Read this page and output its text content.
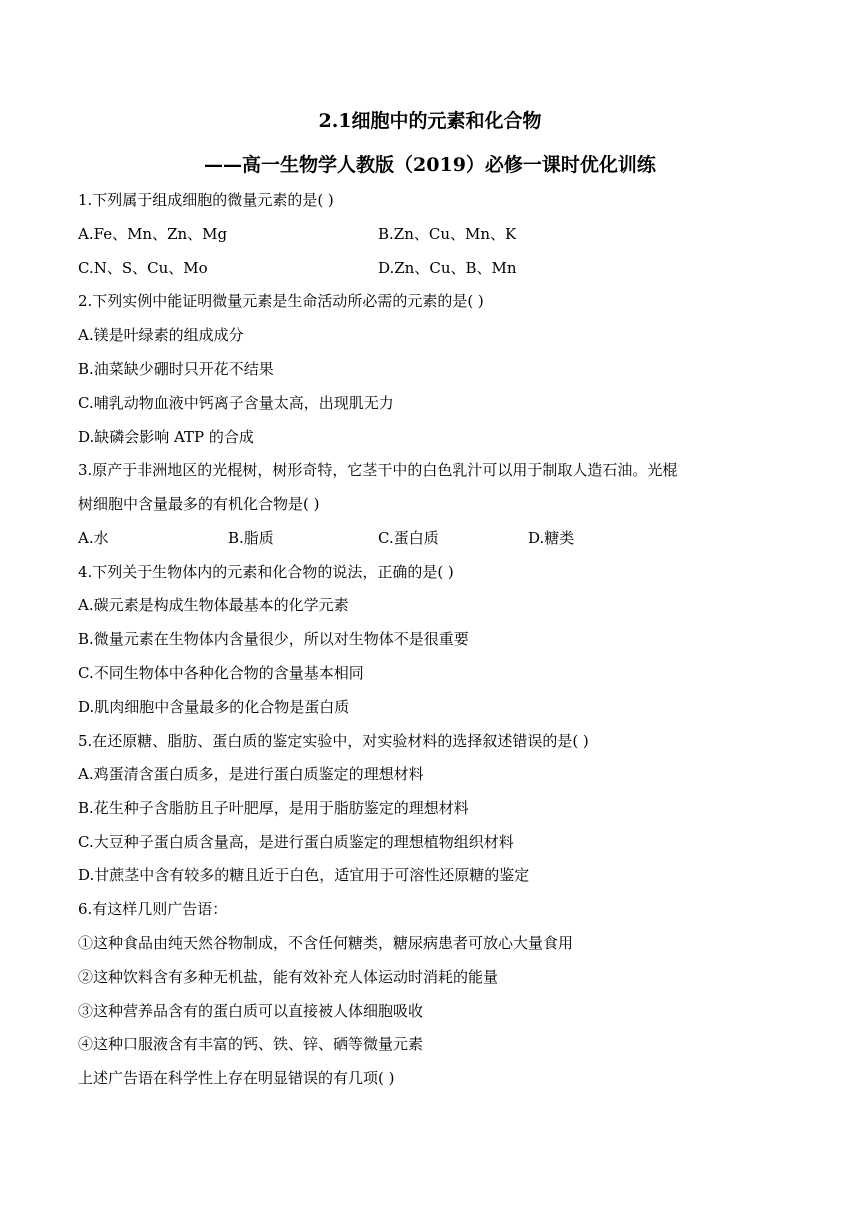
2.1细胞中的元素和化合物
——高一生物学人教版（2019）必修一课时优化训练
1.下列属于组成细胞的微量元素的是( )
A.Fe、Mn、Zn、Mg	B.Zn、Cu、Mn、K
C.N、S、Cu、Mo	D.Zn、Cu、B、Mn
2.下列实例中能证明微量元素是生命活动所必需的元素的是( )
A.镁是叶绿素的组成成分
B.油菜缺少硼时只开花不结果
C.哺乳动物血液中钙离子含量太高，出现肌无力
D.缺磷会影响 ATP 的合成
3.原产于非洲地区的光棍树，树形奇特，它茎干中的白色乳汁可以用于制取人造石油。光棍
树细胞中含量最多的有机化合物是( )
A.水	B.脂质	C.蛋白质	D.糖类
4.下列关于生物体内的元素和化合物的说法，正确的是( )
A.碳元素是构成生物体最基本的化学元素
B.微量元素在生物体内含量很少，所以对生物体不是很重要
C.不同生物体中各种化合物的含量基本相同
D.肌肉细胞中含量最多的化合物是蛋白质
5.在还原糖、脂肪、蛋白质的鉴定实验中，对实验材料的选择叙述错误的是( )
A.鸡蛋清含蛋白质多，是进行蛋白质鉴定的理想材料
B.花生种子含脂肪且子叶肥厚，是用于脂肪鉴定的理想材料
C.大豆种子蛋白质含量高，是进行蛋白质鉴定的理想植物组织材料
D.甘蔗茎中含有较多的糖且近于白色，适宜用于可溶性还原糖的鉴定
6.有这样几则广告语：
①这种食品由纯天然谷物制成，不含任何糖类，糖尿病患者可放心大量食用
②这种饮料含有多种无机盐，能有效补充人体运动时消耗的能量
③这种营养品含有的蛋白质可以直接被人体细胞吸收
④这种口服液含有丰富的钙、铁、锌、硒等微量元素
上述广告语在科学性上存在明显错误的有几项( )
